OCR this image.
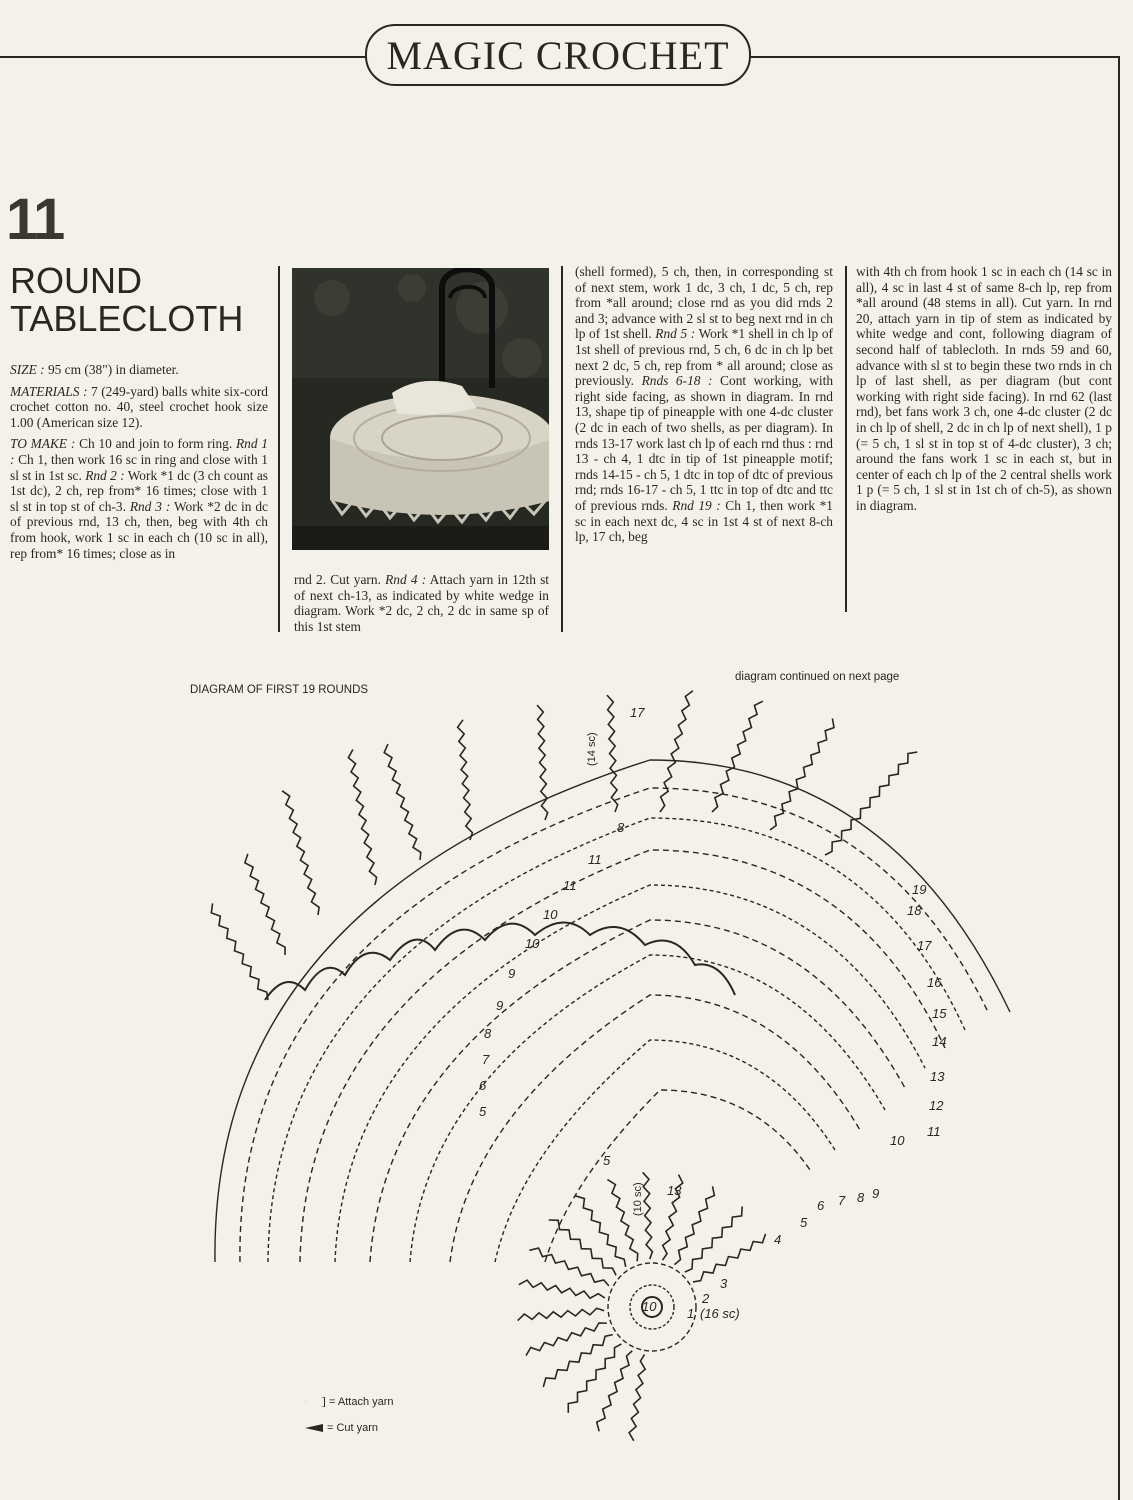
MAGIC CROCHET
11
ROUND
TABLECLOTH

SIZE : 95 cm (38") in diameter.

MATERIALS : 7 (249-yard) balls white six-cord crochet cotton no. 40, steel crochet hook size 1.00 (American size 12).

TO MAKE : Ch 10 and join to form ring. Rnd 1 : Ch 1, then work 16 sc in ring and close with 1 sl st in 1st sc. Rnd 2 : Work *1 dc (3 ch count as 1st dc), 2 ch, rep from* 16 times; close with 1 sl st in top st of ch-3. Rnd 3 : Work *2 dc in dc of previous rnd, 13 ch, then, beg with 4th ch from hook, work 1 sc in each ch (10 sc in all), rep from* 16 times; close as in

rnd 2. Cut yarn. Rnd 4 : Attach yarn in 12th st of next ch-13, as indicated by white wedge in diagram. Work *2 dc, 2 ch, 2 dc in same sp of this 1st stem

(shell formed), 5 ch, then, in corresponding st of next stem, work 1 dc, 3 ch, 1 dc, 5 ch, rep from *all around; close rnd as you did rnds 2 and 3; advance with 2 sl st to beg next rnd in ch lp of 1st shell. Rnd 5 : Work *1 shell in ch lp of 1st shell of previous rnd, 5 ch, 6 dc in ch lp bet next 2 dc, 5 ch, rep from * all around; close as previously. Rnds 6-18 : Cont working, with right side facing, as shown in diagram. In rnd 13, shape tip of pineapple with one 4-dc cluster (2 dc in each of two shells, as per diagram). In rnds 13-17 work last ch lp of each rnd thus : rnd 13 - ch 4, 1 dtc in tip of 1st pineapple motif; rnds 14-15 - ch 5, 1 dtc in top of dtc of previous rnd; rnds 16-17 - ch 5, 1 ttc in top of dtc and ttc of previous rnds. Rnd 19 : Ch 1, then work *1 sc in each next dc, 4 sc in 1st 4 st of next 8-ch lp, 17 ch, beg

with 4th ch from hook 1 sc in each ch (14 sc in all), 4 sc in last 4 st of same 8-ch lp, rep from *all around (48 stems in all). Cut yarn. In rnd 20, attach yarn in tip of stem as indicated by white wedge and cont, following diagram of second half of tablecloth. In rnds 59 and 60, advance with sl st to begin these two rnds in ch lp of last shell, as per diagram (but cont working with right side facing). In rnd 62 (last rnd), bet fans work 3 ch, one 4-dc cluster (2 dc in ch lp of shell, 2 dc in ch lp of next shell), 1 p (= 5 ch, 1 sl st in top st of 4-dc cluster), 3 ch; around the fans work 1 sc in each st, but in center of each ch lp of the 2 central shells work 1 p (= 5 ch, 1 sl st in 1st ch of ch-5), as shown in diagram.

DIAGRAM OF FIRST 19 ROUNDS
diagram continued on next page
19
18
17
16
15
14
13
12
11
10
9
8
7
6
5
4
3
2
1
17
8
11
11
10
10
9
9
8
7
6
5
5
13
(14 sc)
(10 sc)
10	(16 sc)
= Attach yarn
= Cut yarn
